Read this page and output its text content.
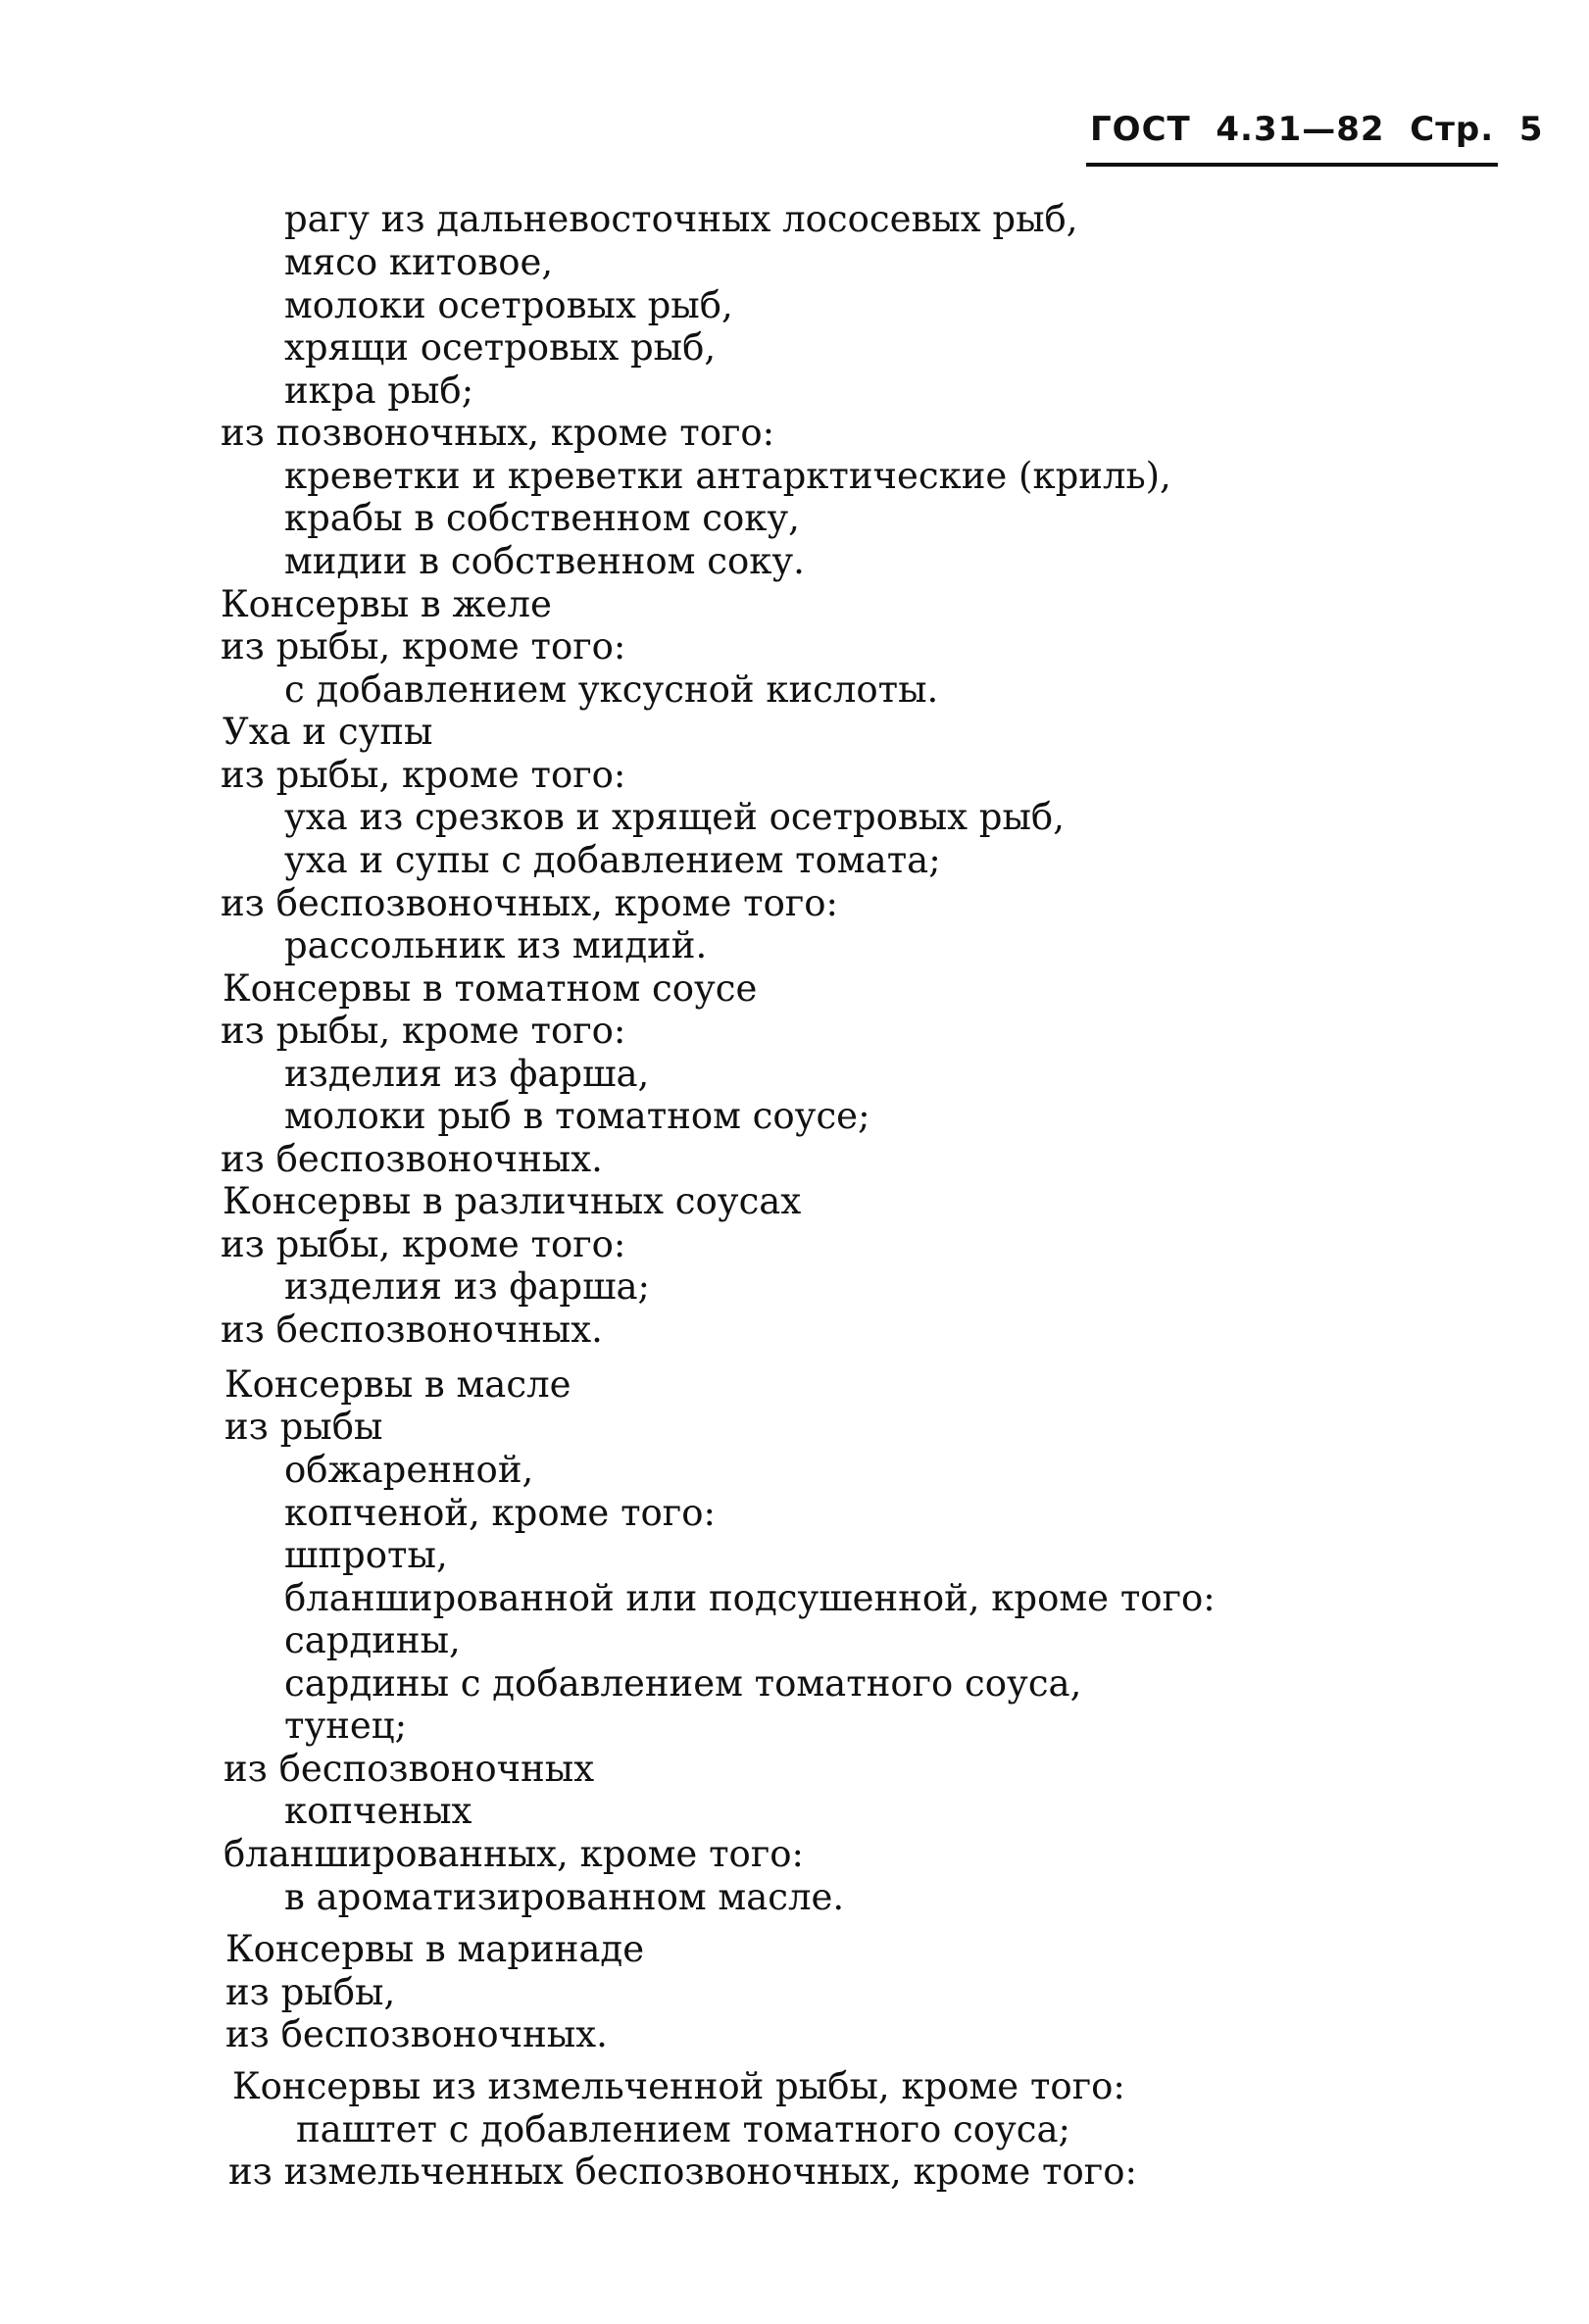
ГОСТ  4.31—82  Стр.  5
рагу из дальневосточных лососевых рыб,
мясо китовое,
молоки осетровых рыб,
хрящи осетровых рыб,
икра рыб;
из позвоночных, кроме того:
креветки и креветки антарктические (криль),
крабы в собственном соку,
мидии в собственном соку.
Консервы в желе
из рыбы, кроме того:
с добавлением уксусной кислоты.
Уха и супы
из рыбы, кроме того:
уха из срезков и хрящей осетровых рыб,
уха и супы с добавлением томата;
из беспозвоночных, кроме того:
рассольник из мидий.
Консервы в томатном соусе
из рыбы, кроме того:
изделия из фарша,
молоки рыб в томатном соусе;
из беспозвоночных.
Консервы в различных соусах
из рыбы, кроме того:
изделия из фарша;
из беспозвоночных.
Консервы в масле
из рыбы
обжаренной,
копченой, кроме того:
шпроты,
бланшированной или подсушенной, кроме того:
сардины,
сардины с добавлением томатного соуса,
тунец;
из беспозвоночных
копченых
бланшированных, кроме того:
в ароматизированном масле.
Консервы в маринаде
из рыбы,
из беспозвоночных.
Консервы из измельченной рыбы, кроме того:
паштет с добавлением томатного соуса;
из измельченных беспозвоночных, кроме того:
